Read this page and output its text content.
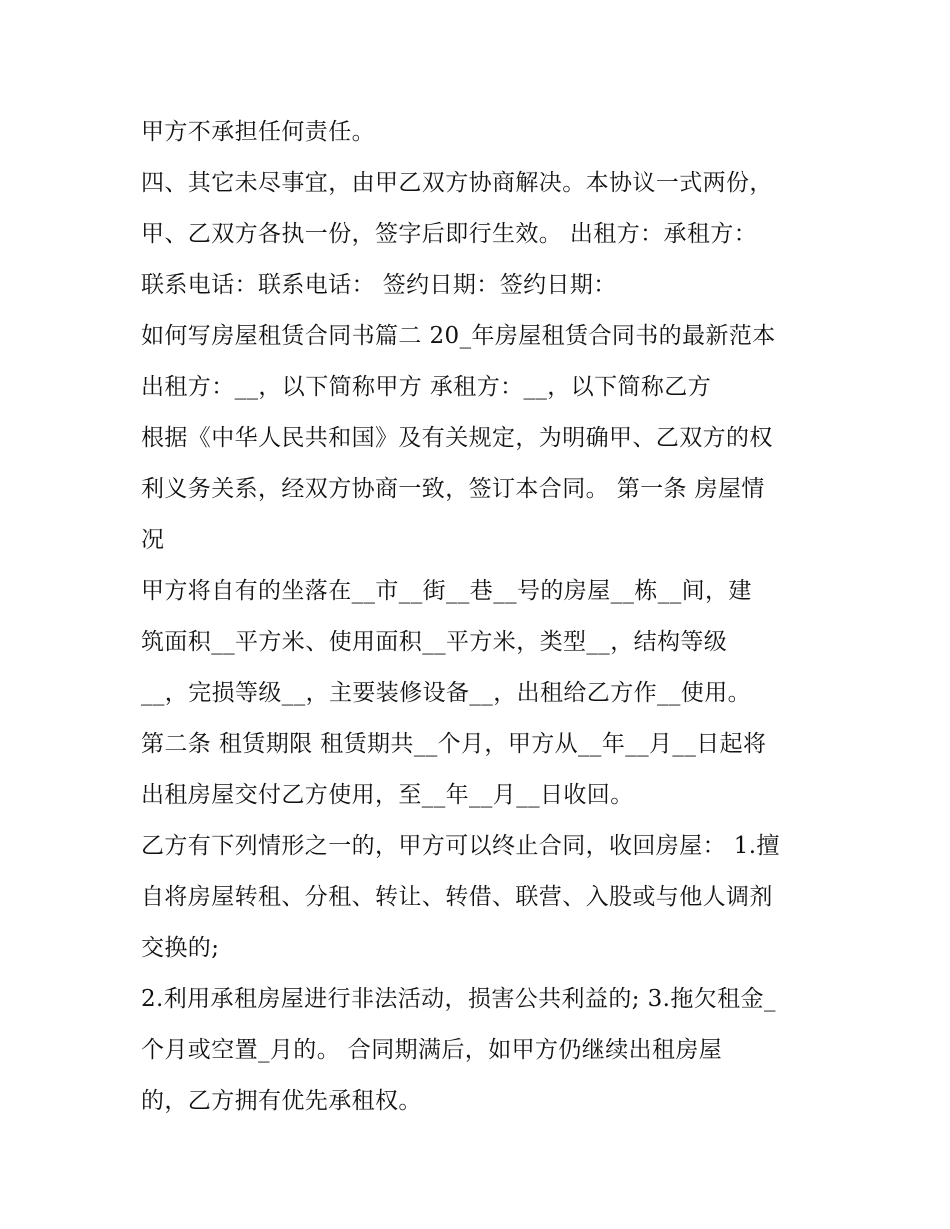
甲方不承担任何责任。
四、其它未尽事宜，由甲乙双方协商解决。本协议一式两份，
甲、乙双方各执一份，签字后即行生效。 出租方：承租方：
联系电话：联系电话： 签约日期：签约日期：
如何写房屋租赁合同书篇二 20_年房屋租赁合同书的最新范本
出租方：__，以下简称甲方 承租方：__，以下简称乙方
根据《中华人民共和国》及有关规定，为明确甲、乙双方的权
利义务关系，经双方协商一致，签订本合同。 第一条 房屋情
况
甲方将自有的坐落在__市__街__巷__号的房屋__栋__间，建
筑面积__平方米、使用面积__平方米，类型__，结构等级
__，完损等级__，主要装修设备__，出租给乙方作__使用。
第二条 租赁期限 租赁期共__个月，甲方从__年__月__日起将
出租房屋交付乙方使用，至__年__月__日收回。
乙方有下列情形之一的，甲方可以终止合同，收回房屋： 1.擅
自将房屋转租、分租、转让、转借、联营、入股或与他人调剂
交换的;
2.利用承租房屋进行非法活动，损害公共利益的; 3.拖欠租金_
个月或空置_月的。 合同期满后，如甲方仍继续出租房屋
的，乙方拥有优先承租权。
